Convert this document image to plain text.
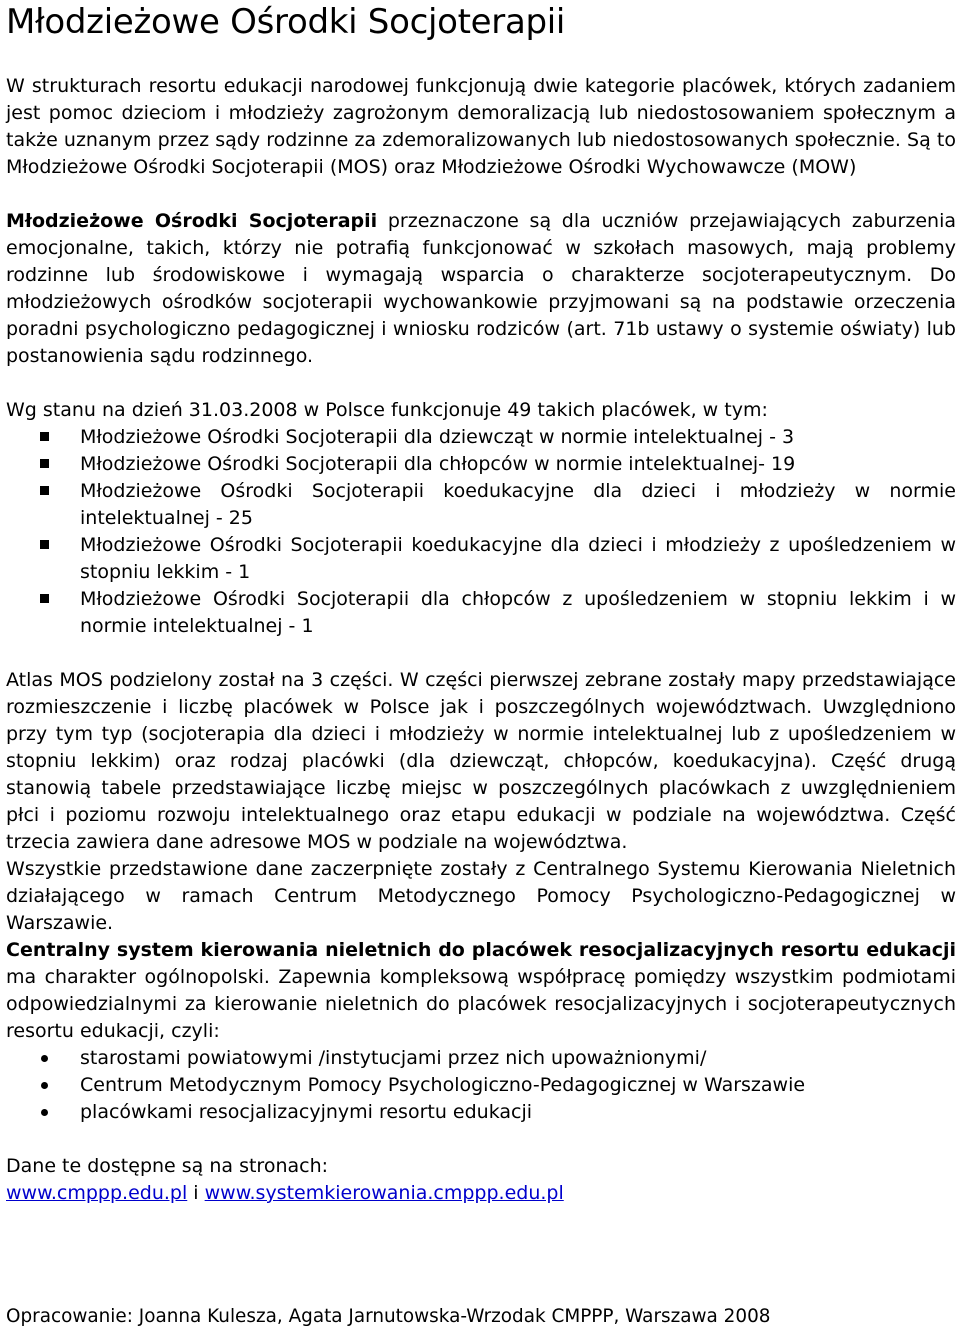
Młodzieżowe Ośrodki Socjoterapii

W strukturach resortu edukacji narodowej funkcjonują dwie kategorie placówek, których zadaniem jest pomoc dzieciom i młodzieży zagrożonym demoralizacją lub niedostosowaniem społecznym a także uznanym przez sądy rodzinne za zdemoralizowanych lub niedostosowanych społecznie. Są to Młodzieżowe Ośrodki Socjoterapii (MOS) oraz Młodzieżowe Ośrodki Wychowawcze (MOW)

Młodzieżowe Ośrodki Socjoterapii przeznaczone są dla uczniów przejawiających zaburzenia emocjonalne, takich, którzy nie potrafią funkcjonować w szkołach masowych, mają problemy rodzinne lub środowiskowe i wymagają wsparcia o charakterze socjoterapeutycznym. Do młodzieżowych ośrodków socjoterapii wychowankowie przyjmowani są na podstawie orzeczenia poradni psychologiczno pedagogicznej i wniosku rodziców (art. 71b ustawy o systemie oświaty) lub postanowienia sądu rodzinnego.

Wg stanu na dzień 31.03.2008 w Polsce funkcjonuje 49 takich placówek, w tym:

Młodzieżowe Ośrodki Socjoterapii dla dziewcząt w normie intelektualnej - 3
Młodzieżowe Ośrodki Socjoterapii dla chłopców w normie intelektualnej- 19
Młodzieżowe Ośrodki Socjoterapii koedukacyjne dla dzieci i młodzieży w normie intelektualnej - 25
Młodzieżowe Ośrodki Socjoterapii koedukacyjne dla dzieci i młodzieży z upośledzeniem w stopniu lekkim - 1
Młodzieżowe Ośrodki Socjoterapii dla chłopców z upośledzeniem w stopniu lekkim i w normie intelektualnej - 1

Atlas MOS podzielony został na 3 części. W części pierwszej zebrane zostały mapy przedstawiające rozmieszczenie i liczbę placówek w Polsce jak i poszczególnych województwach. Uwzględniono przy tym typ (socjoterapia dla dzieci i młodzieży w normie intelektualnej lub z upośledzeniem w stopniu lekkim) oraz rodzaj placówki (dla dziewcząt, chłopców, koedukacyjna). Część drugą stanowią tabele przedstawiające liczbę miejsc w poszczególnych placówkach z uwzględnieniem płci i poziomu rozwoju intelektualnego oraz etapu edukacji w podziale na województwa. Część trzecia zawiera dane adresowe MOS w podziale na województwa.

Wszystkie przedstawione dane zaczerpnięte zostały z Centralnego Systemu Kierowania Nieletnich działającego w ramach Centrum Metodycznego Pomocy Psychologiczno-Pedagogicznej w Warszawie.

Centralny system kierowania nieletnich do placówek resocjalizacyjnych resortu edukacji ma charakter ogólnopolski. Zapewnia kompleksową współpracę pomiędzy wszystkim podmiotami odpowiedzialnymi za kierowanie nieletnich do placówek resocjalizacyjnych i socjoterapeutycznych resortu edukacji, czyli:

starostami powiatowymi /instytucjami przez nich upoważnionymi/
Centrum Metodycznym Pomocy Psychologiczno-Pedagogicznej w Warszawie
placówkami resocjalizacyjnymi resortu edukacji

Dane te dostępne są na stronach:

www.cmppp.edu.pl i www.systemkierowania.cmppp.edu.pl

Opracowanie: Joanna Kulesza, Agata Jarnutowska-Wrzodak CMPPP, Warszawa 2008
